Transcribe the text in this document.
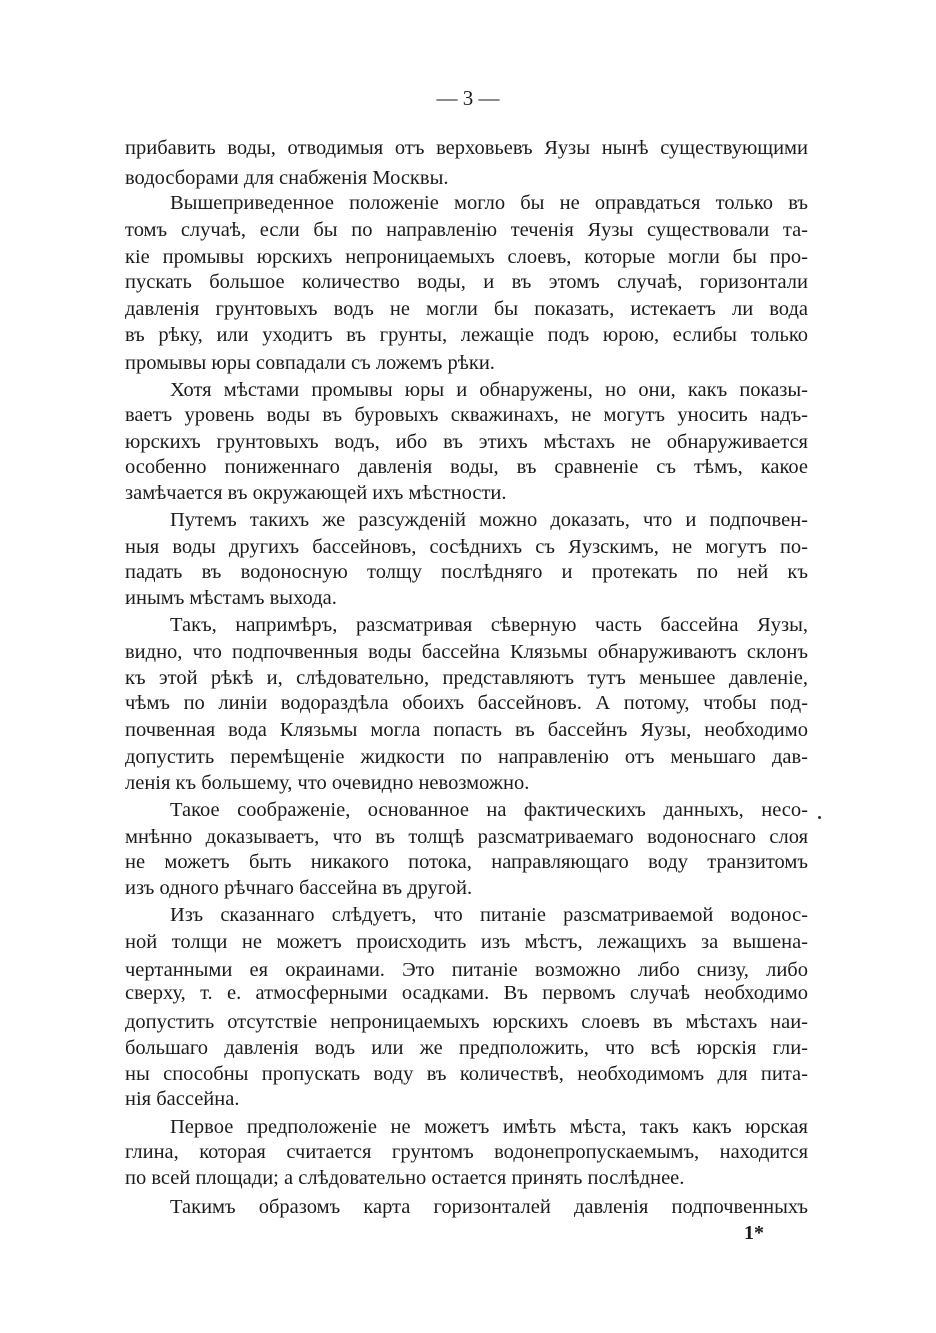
— 3 —
прибавить воды, отводимыя отъ верховьевъ Яузы нынѣ существующими
водосборами для снабженія Москвы.
Вышеприведенное положеніе могло бы не оправдаться только въ
томъ случаѣ, если бы по направленію теченія Яузы существовали та-
кіе промывы юрскихъ непроницаемыхъ слоевъ, которые могли бы про-
пускать большое количество воды, и въ этомъ случаѣ, горизонтали
давленія грунтовыхъ водъ не могли бы показать, истекаетъ ли вода
въ рѣку, или уходитъ въ грунты, лежащіе подъ юрою, еслибы только
промывы юры совпадали съ ложемъ рѣки.
Хотя мѣстами промывы юры и обнаружены, но они, какъ показы-
ваетъ уровень воды въ буровыхъ скважинахъ, не могутъ уносить надъ-
юрскихъ грунтовыхъ водъ, ибо въ этихъ мѣстахъ не обнаруживается
особенно пониженнаго давленія воды, въ сравненіе съ тѣмъ, какое
замѣчается въ окружающей ихъ мѣстности.
Путемъ такихъ же разсужденій можно доказать, что и подпочвен-
ныя воды другихъ бассейновъ, сосѣднихъ съ Яузскимъ, не могутъ по-
падать въ водоносную толщу послѣдняго и протекать по ней къ
инымъ мѣстамъ выхода.
Такъ, напримѣръ, разсматривая сѣверную часть бассейна Яузы,
видно, что подпочвенныя воды бассейна Клязьмы обнаруживаютъ склонъ
къ этой рѣкѣ и, слѣдовательно, представляютъ тутъ меньшее давленіе,
чѣмъ по линіи водораздѣла обоихъ бассейновъ. А потому, чтобы под-
почвенная вода Клязьмы могла попасть въ бассейнъ Яузы, необходимо
допустить перемѣщеніе жидкости по направленію отъ меньшаго дав-
ленія къ большему, что очевидно невозможно.
Такое соображеніе, основанное на фактическихъ данныхъ, несо-
мнѣнно доказываетъ, что въ толщѣ разсматриваемаго водоноснаго слоя
не можетъ быть никакого потока, направляющаго воду транзитомъ
изъ одного рѣчнаго бассейна въ другой.
Изъ сказаннаго слѣдуетъ, что питаніе разсматриваемой водонос-
ной толщи не можетъ происходить изъ мѣстъ, лежащихъ за вышена-
чертанными ея окраинами. Это питаніе возможно либо снизу, либо
сверху, т. е. атмосферными осадками. Въ первомъ случаѣ необходимо
допустить отсутствіе непроницаемыхъ юрскихъ слоевъ въ мѣстахъ наи-
большаго давленія водъ или же предположить, что всѣ юрскія гли-
ны способны пропускать воду въ количествѣ, необходимомъ для пита-
нія бассейна.
Первое предположеніе не можетъ имѣть мѣста, такъ какъ юрская
глина, которая считается грунтомъ водонепропускаемымъ, находится
по всей площади; а слѣдовательно остается принять послѣднее.
Такимъ образомъ карта горизонталей давленія подпочвенныхъ
1*
